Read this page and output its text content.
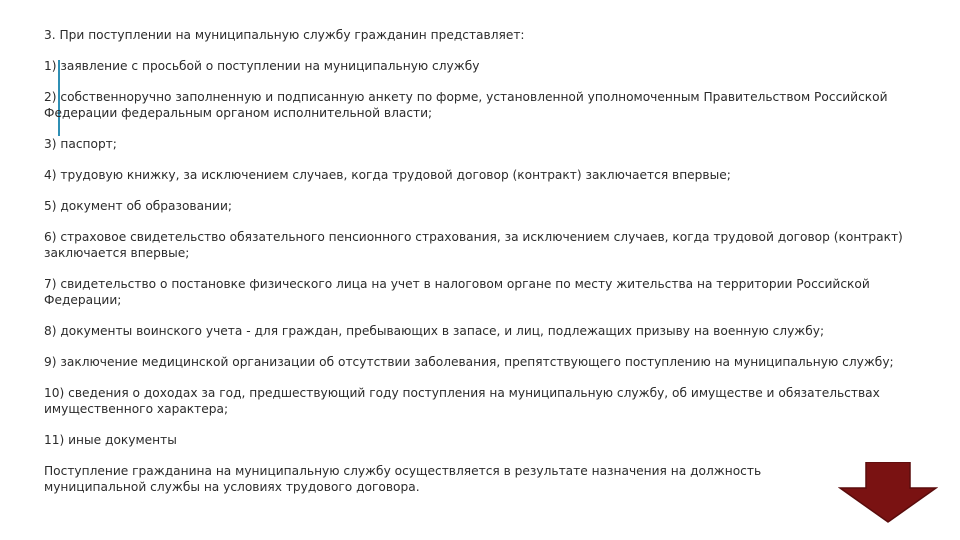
3. При поступлении на муниципальную службу гражданин представляет:

1) заявление с просьбой о поступлении на муниципальную службу

2) собственноручно заполненную и подписанную анкету по форме, установленной уполномоченным Правительством Российской Федерации федеральным органом исполнительной власти;

3) паспорт;

4) трудовую книжку, за исключением случаев, когда трудовой договор (контракт) заключается впервые;

5) документ об образовании;

6) страховое свидетельство обязательного пенсионного страхования, за исключением случаев, когда трудовой договор (контракт) заключается впервые;

7) свидетельство о постановке физического лица на учет в налоговом органе по месту жительства на территории Российской Федерации;

8) документы воинского учета - для граждан, пребывающих в запасе, и лиц, подлежащих призыву на военную службу;

9) заключение медицинской организации об отсутствии заболевания, препятствующего поступлению на муниципальную службу;

10) сведения о доходах за год, предшествующий году поступления на муниципальную службу, об имуществе и обязательствах имущественного характера;

11) иные документы

Поступление гражданина на муниципальную службу осуществляется в результате назначения на должность муниципальной службы на условиях трудового договора.
